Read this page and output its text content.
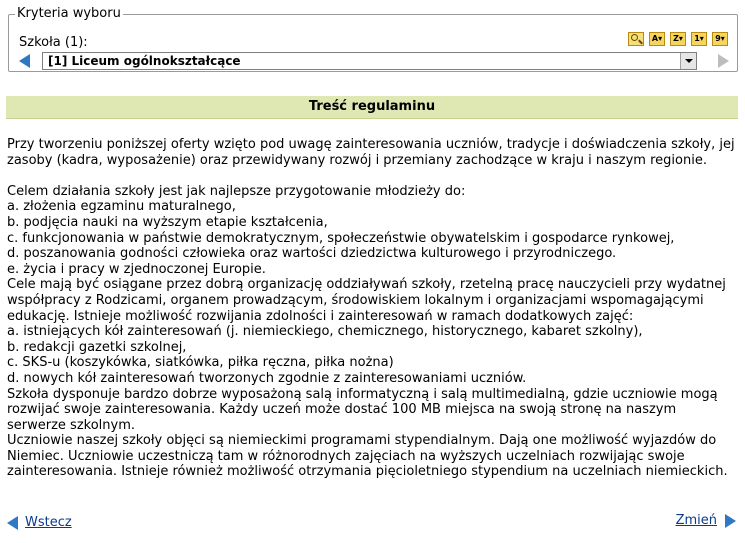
Kryteria wyboru
Szkoła (1):	A▾	Z▾	1▾	9▾
[1] Liceum ogólnokształcące
Treść regulaminu
Przy tworzeniu poniższej oferty wzięto pod uwagę zainteresowania uczniów, tradycje i doświadczenia szkoły, jej zasoby (kadra, wyposażenie) oraz przewidywany rozwój i przemiany zachodzące w kraju i naszym regionie.

Celem działania szkoły jest jak najlepsze przygotowanie młodzieży do:
a. złożenia egzaminu maturalnego,
b. podjęcia nauki na wyższym etapie kształcenia,
c. funkcjonowania w państwie demokratycznym, społeczeństwie obywatelskim i gospodarce rynkowej,
d. poszanowania godności człowieka oraz wartości dziedzictwa kulturowego i przyrodniczego.
e. życia i pracy w zjednoczonej Europie.
Cele mają być osiągane przez dobrą organizację oddziaływań szkoły, rzetelną pracę nauczycieli przy wydatnej współpracy z Rodzicami, organem prowadzącym, środowiskiem lokalnym i organizacjami wspomagającymi edukację. Istnieje możliwość rozwijania zdolności i zainteresowań w ramach dodatkowych zajęć:
a. istniejących kół zainteresowań (j. niemieckiego, chemicznego, historycznego, kabaret szkolny),
b. redakcji gazetki szkolnej,
c. SKS-u (koszykówka, siatkówka, piłka ręczna, piłka nożna)
d. nowych kół zainteresowań tworzonych zgodnie z zainteresowaniami uczniów.
Szkoła dysponuje bardzo dobrze wyposażoną salą informatyczną i salą multimedialną, gdzie uczniowie mogą rozwijać swoje zainteresowania. Każdy uczeń może dostać 100 MB miejsca na swoją stronę na naszym serwerze szkolnym.
Uczniowie naszej szkoły objęci są niemieckimi programami stypendialnym. Dają one możliwość wyjazdów do Niemiec. Uczniowie uczestniczą tam w różnorodnych zajęciach na wyższych uczelniach rozwijając swoje zainteresowania. Istnieje również możliwość otrzymania pięcioletniego stypendium na uczelniach niemieckich.
Wstecz	Zmień
